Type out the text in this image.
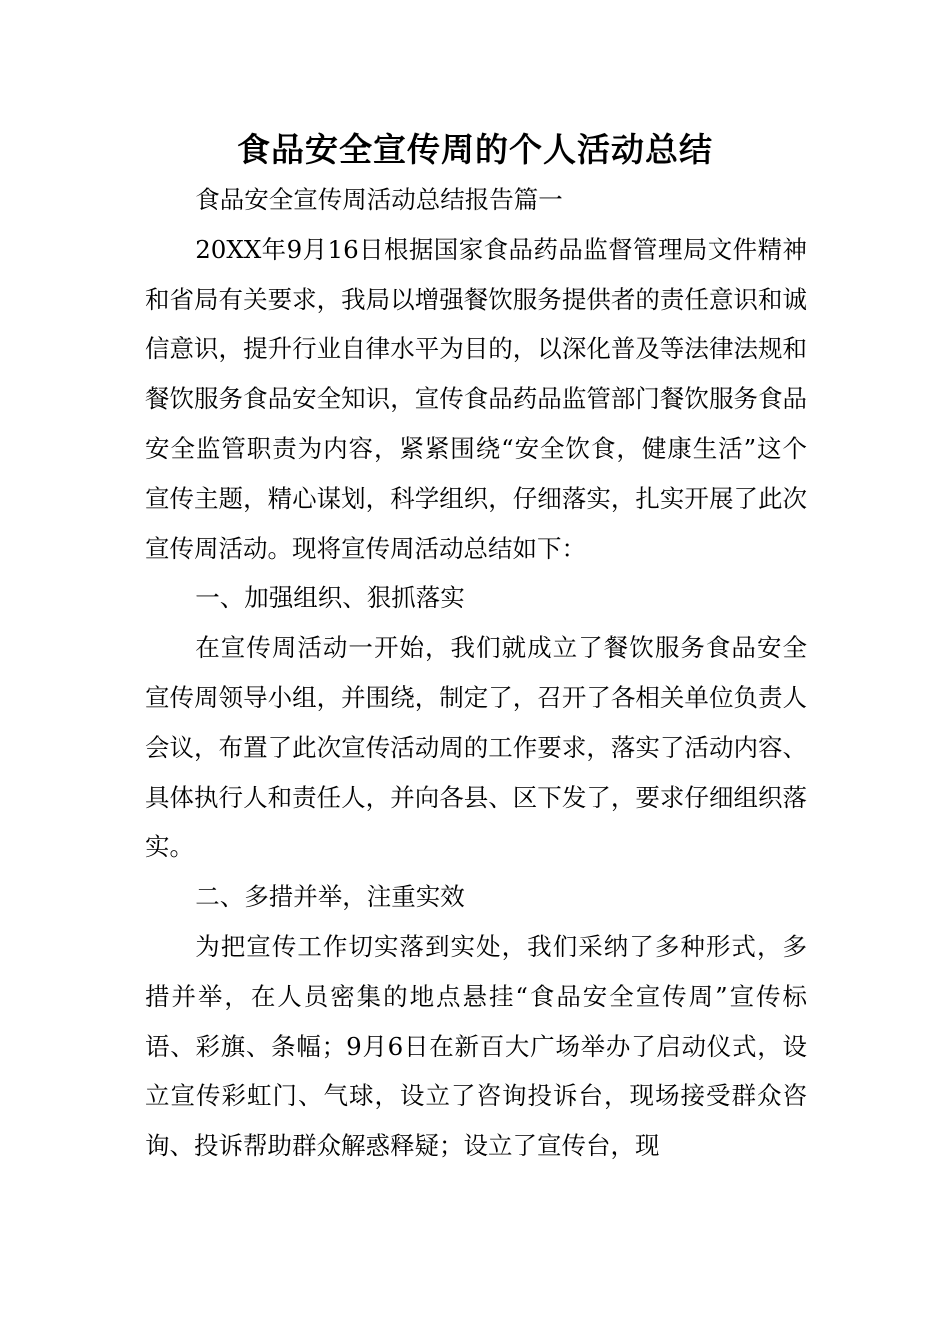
食品安全宣传周的个人活动总结

食品安全宣传周活动总结报告篇一

20XX年9月16日根据国家食品药品监督管理局文件精神和省局有关要求，我局以增强餐饮服务提供者的责任意识和诚信意识，提升行业自律水平为目的，以深化普及等法律法规和餐饮服务食品安全知识，宣传食品药品监管部门餐饮服务食品安全监管职责为内容，紧紧围绕“安全饮食，健康生活”这个宣传主题，精心谋划，科学组织，仔细落实，扎实开展了此次宣传周活动。现将宣传周活动总结如下：

一、加强组织、狠抓落实

在宣传周活动一开始，我们就成立了餐饮服务食品安全宣传周领导小组，并围绕，制定了，召开了各相关单位负责人会议，布置了此次宣传活动周的工作要求，落实了活动内容、具体执行人和责任人，并向各县、区下发了，要求仔细组织落实。

二、多措并举，注重实效

为把宣传工作切实落到实处，我们采纳了多种形式，多措并举，在人员密集的地点悬挂“食品安全宣传周”宣传标语、彩旗、条幅；9月6日在新百大广场举办了启动仪式，设立宣传彩虹门、气球，设立了咨询投诉台，现场接受群众咨询、投诉帮助群众解惑释疑；设立了宣传台，现
